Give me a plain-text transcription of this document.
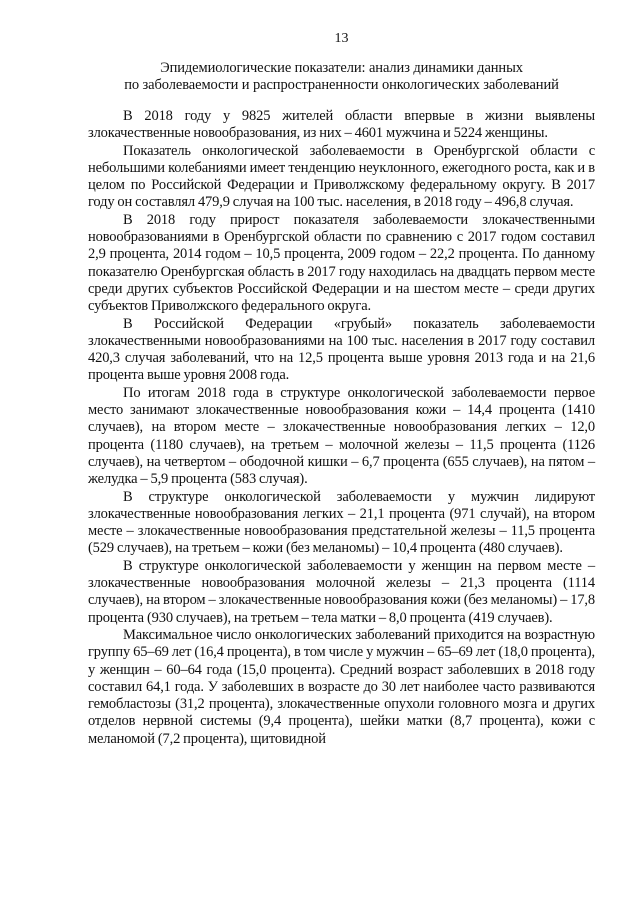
13
Эпидемиологические показатели: анализ динамики данных
по заболеваемости и распространенности онкологических заболеваний

В 2018 году у 9825 жителей области впервые в жизни выявлены злокачественные новообразования, из них – 4601 мужчина и 5224 женщины.

Показатель онкологической заболеваемости в Оренбургской области с небольшими колебаниями имеет тенденцию неуклонного, ежегодного роста, как и в целом по Российской Федерации и Приволжскому федеральному округу. В 2017 году он составлял 479,9 случая на 100 тыс. населения, в 2018 году – 496,8 случая.

В 2018 году прирост показателя заболеваемости злокачественными новообразованиями в Оренбургской области по сравнению с 2017 годом составил 2,9 процента, 2014 годом – 10,5 процента, 2009 годом – 22,2 процента. По данному показателю Оренбургская область в 2017 году находилась на двадцать первом месте среди других субъектов Российской Федерации и на шестом месте – среди других субъектов Приволжского федерального округа.

В Российской Федерации «грубый» показатель заболеваемости злокачественными новообразованиями на 100 тыс. населения в 2017 году составил 420,3 случая заболеваний, что на 12,5 процента выше уровня 2013 года и на 21,6 процента выше уровня 2008 года.

По итогам 2018 года в структуре онкологической заболеваемости первое место занимают злокачественные новообразования кожи – 14,4 процента (1410 случаев), на втором месте – злокачественные новообразования легких – 12,0 процента (1180 случаев), на третьем – молочной железы – 11,5 процента (1126 случаев), на четвертом – ободочной кишки – 6,7 процента (655 случаев), на пятом – желудка – 5,9 процента (583 случая).

В структуре онкологической заболеваемости у мужчин лидируют злокачественные новообразования легких – 21,1 процента (971 случай), на втором месте – злокачественные новообразования предстательной железы – 11,5 процента (529 случаев), на третьем – кожи (без меланомы) – 10,4 процента (480 случаев).

В структуре онкологической заболеваемости у женщин на первом месте – злокачественные новообразования молочной железы – 21,3 процента (1114 случаев), на втором – злокачественные новообразования кожи (без меланомы) – 17,8 процента (930 случаев), на третьем – тела матки – 8,0 процента (419 случаев).

Максимальное число онкологических заболеваний приходится на возрастную группу 65–69 лет (16,4 процента), в том числе у мужчин – 65–69 лет (18,0 процента), у женщин – 60–64 года (15,0 процента). Средний возраст заболевших в 2018 году составил 64,1 года. У заболевших в возрасте до 30 лет наиболее часто развиваются гемобластозы (31,2 процента), злокачественные опухоли головного мозга и других отделов нервной системы (9,4 процента), шейки матки (8,7 процента), кожи с меланомой (7,2 процента), щитовидной
